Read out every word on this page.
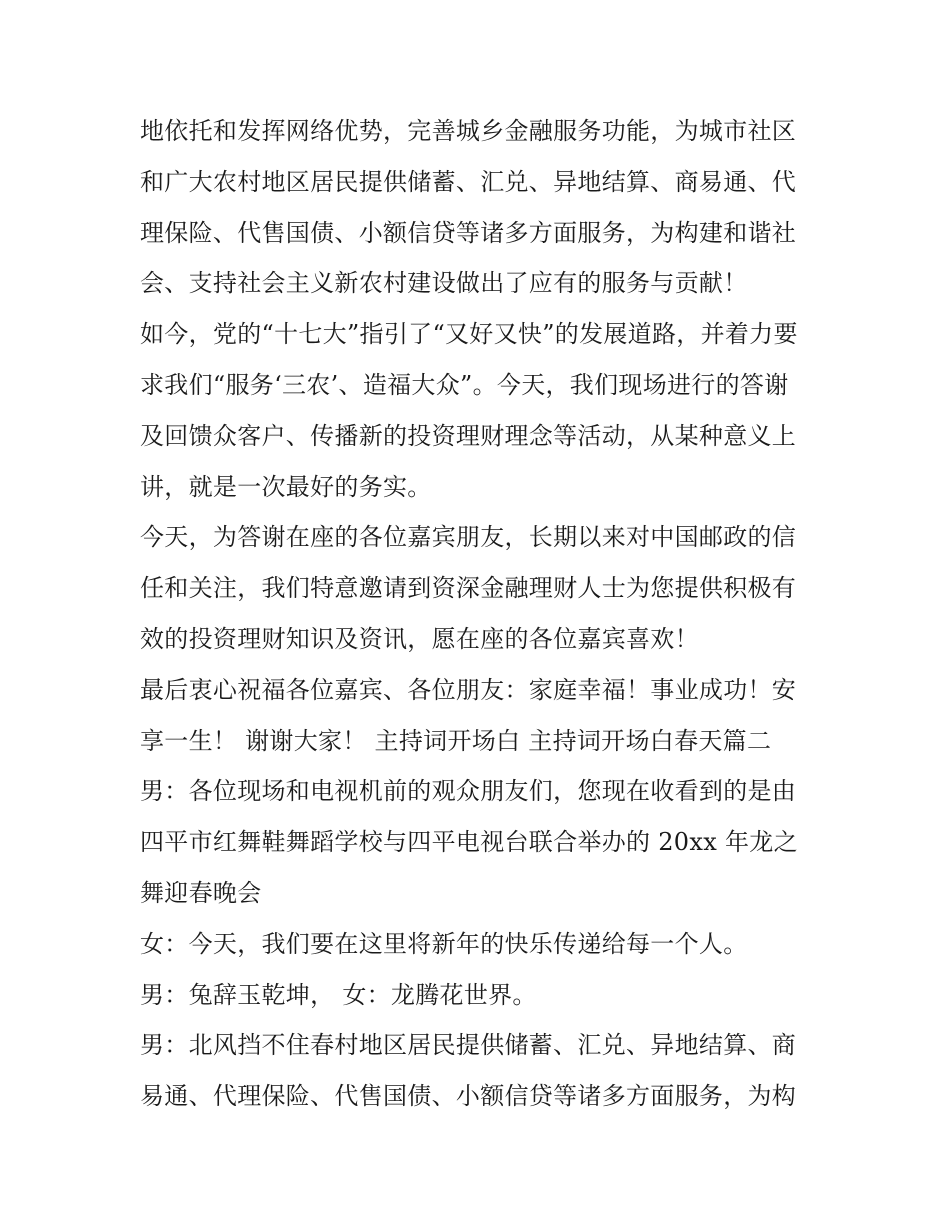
地依托和发挥网络优势，完善城乡金融服务功能，为城市社区
和广大农村地区居民提供储蓄、汇兑、异地结算、商易通、代
理保险、代售国债、小额信贷等诸多方面服务，为构建和谐社
会、支持社会主义新农村建设做出了应有的服务与贡献！
如今，党的“十七大”指引了“又好又快”的发展道路，并着力要
求我们“服务‘三农’、造福大众”。今天，我们现场进行的答谢
及回馈众客户、传播新的投资理财理念等活动，从某种意义上
讲，就是一次最好的务实。
今天，为答谢在座的各位嘉宾朋友，长期以来对中国邮政的信
任和关注，我们特意邀请到资深金融理财人士为您提供积极有
效的投资理财知识及资讯，愿在座的各位嘉宾喜欢！
最后衷心祝福各位嘉宾、各位朋友：家庭幸福！事业成功！安
享一生！ 谢谢大家！ 主持词开场白 主持词开场白春天篇二
男：各位现场和电视机前的观众朋友们，您现在收看到的是由
四平市红舞鞋舞蹈学校与四平电视台联合举办的 20xx 年龙之
舞迎春晚会
女：今天，我们要在这里将新年的快乐传递给每一个人。
男：兔辞玉乾坤， 女：龙腾花世界。
男：北风挡不住春村地区居民提供储蓄、汇兑、异地结算、商
易通、代理保险、代售国债、小额信贷等诸多方面服务，为构
